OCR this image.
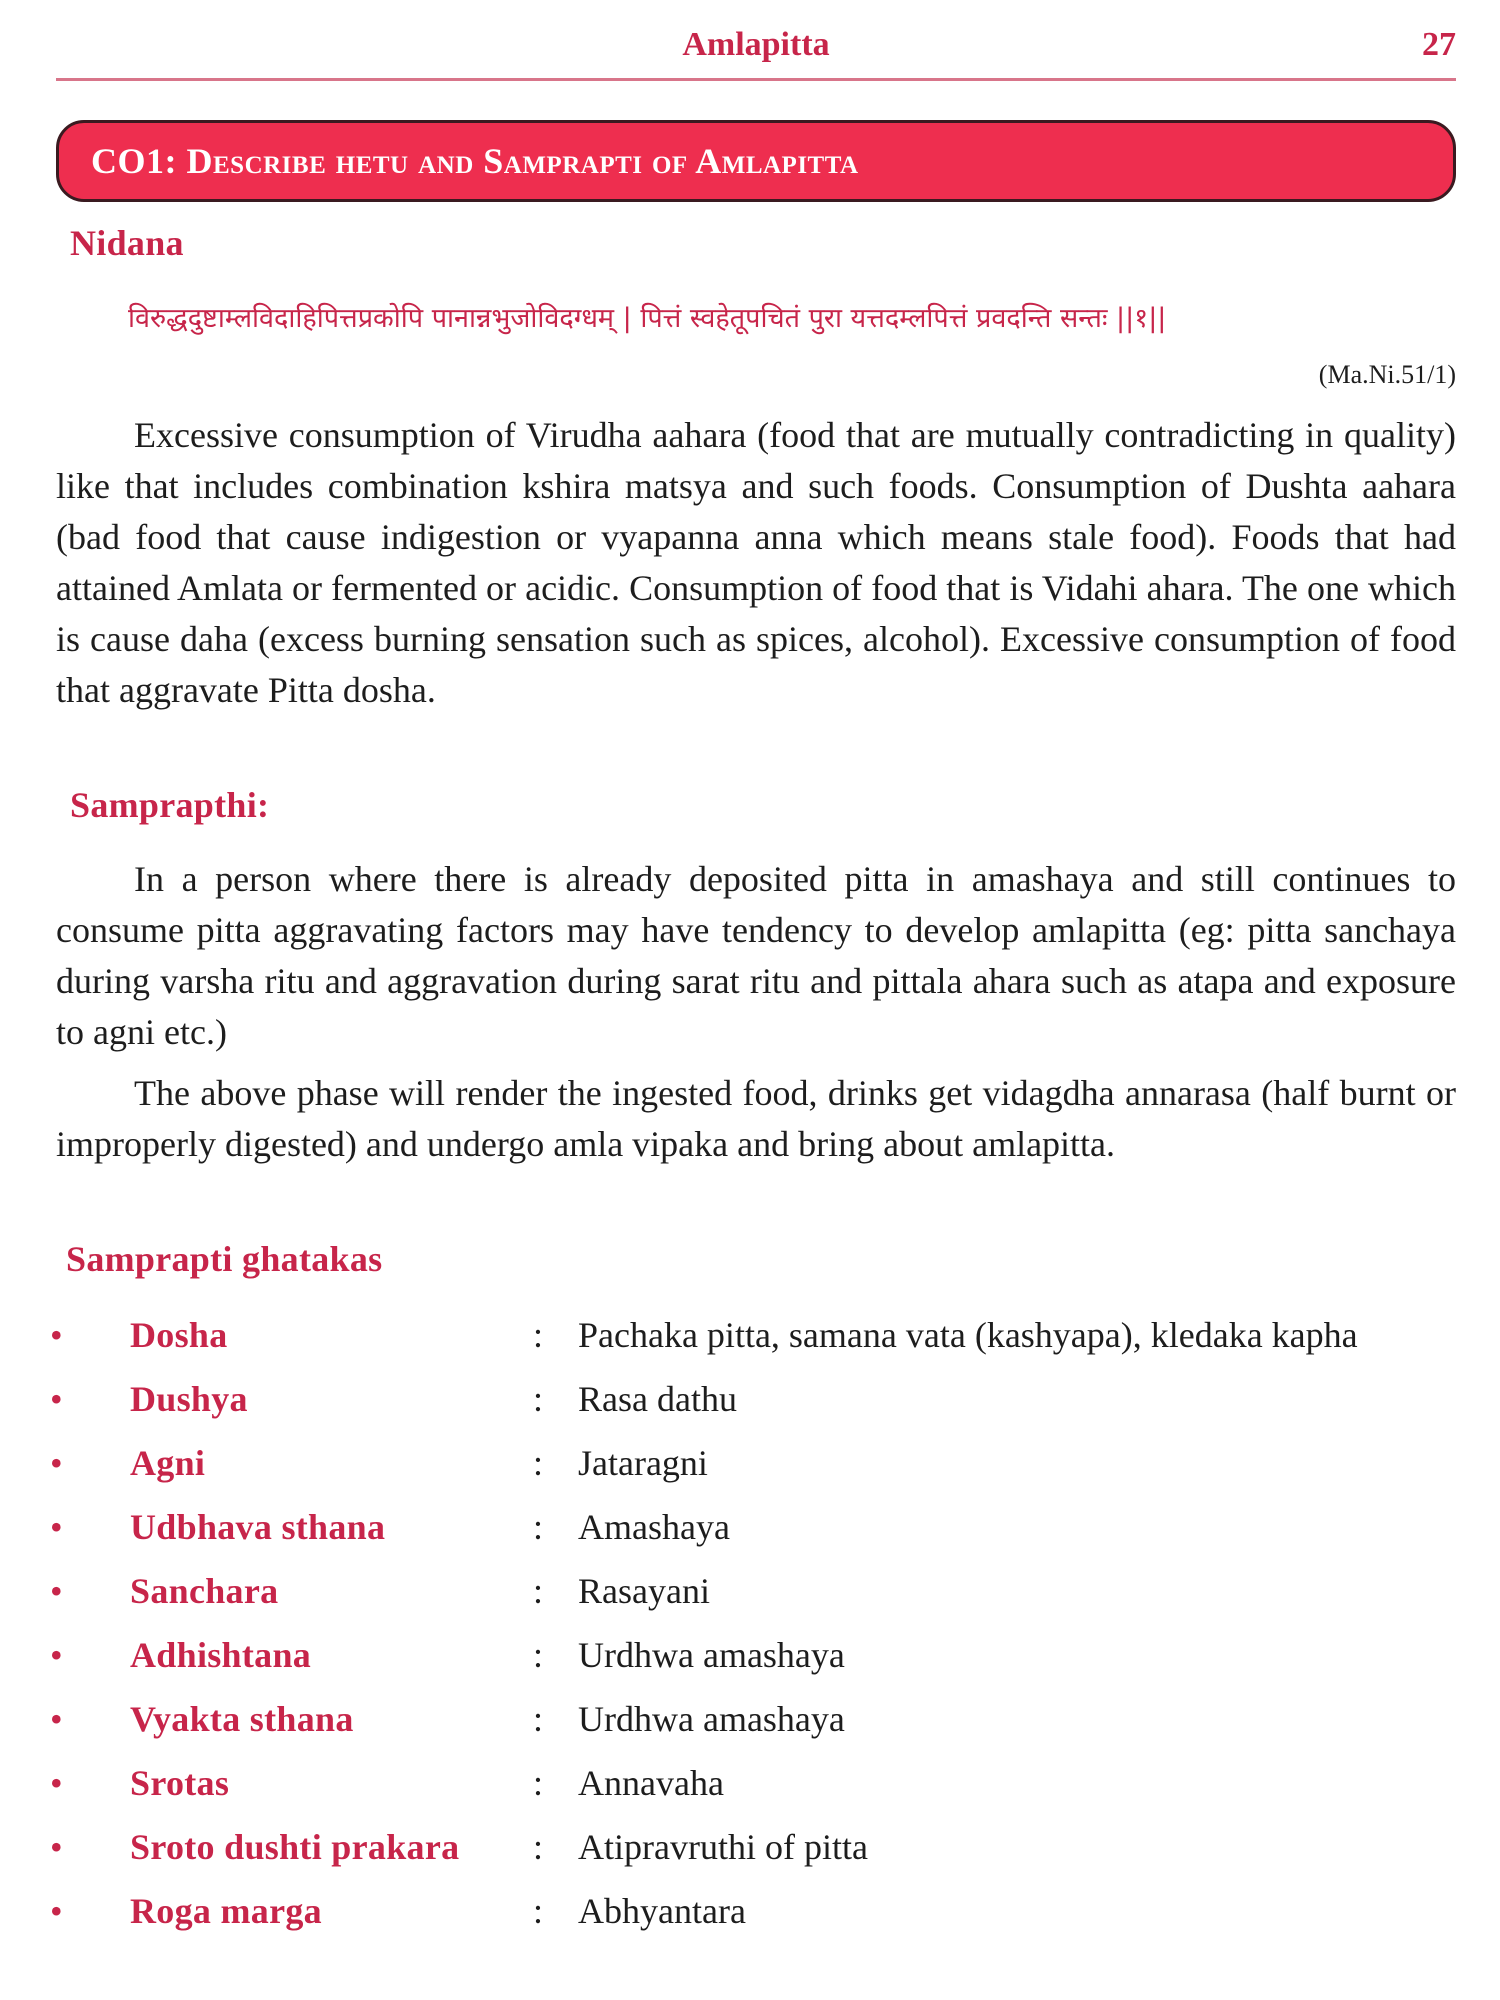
Amlapitta	27
CO1: Describe hetu and Samprapti of Amlapitta
Nidana
विरुद्धदुष्टाम्लविदाहिपित्तप्रकोपि पानान्नभुजोविदग्धम् | पित्तं स्वहेतूपचितं पुरा यत्तदम्लपित्तं प्रवदन्ति सन्तः ||१||
(Ma.Ni.51/1)

Excessive consumption of Virudha aahara (food that are mutually contradicting in quality) like that includes combination kshira matsya and such foods. Consumption of Dushta aahara (bad food that cause indigestion or vyapanna anna which means stale food). Foods that had attained Amlata or fermented or acidic. Consumption of food that is Vidahi ahara. The one which is cause daha (excess burning sensation such as spices, alcohol). Excessive consumption of food that aggravate Pitta dosha.

Samprapthi:

In a person where there is already deposited pitta in amashaya and still continues to consume pitta aggravating factors may have tendency to develop amlapitta (eg: pitta sanchaya during varsha ritu and aggravation during sarat ritu and pittala ahara such as atapa and exposure to agni etc.)

The above phase will render the ingested food, drinks get vidagdha annarasa (half burnt or improperly digested) and undergo amla vipaka and bring about amlapitta.

Samprapti ghatakas
•	Dosha	: Pachaka pitta, samana vata (kashyapa), kledaka kapha
•	Dushya	: Rasa dathu
•	Agni	: Jataragni
•	Udbhava sthana	: Amashaya
•	Sanchara	: Rasayani
•	Adhishtana	: Urdhwa amashaya
•	Vyakta sthana	: Urdhwa amashaya
•	Srotas	: Annavaha
•	Sroto dushti prakara	: Atipravruthi of pitta
•	Roga marga	: Abhyantara
